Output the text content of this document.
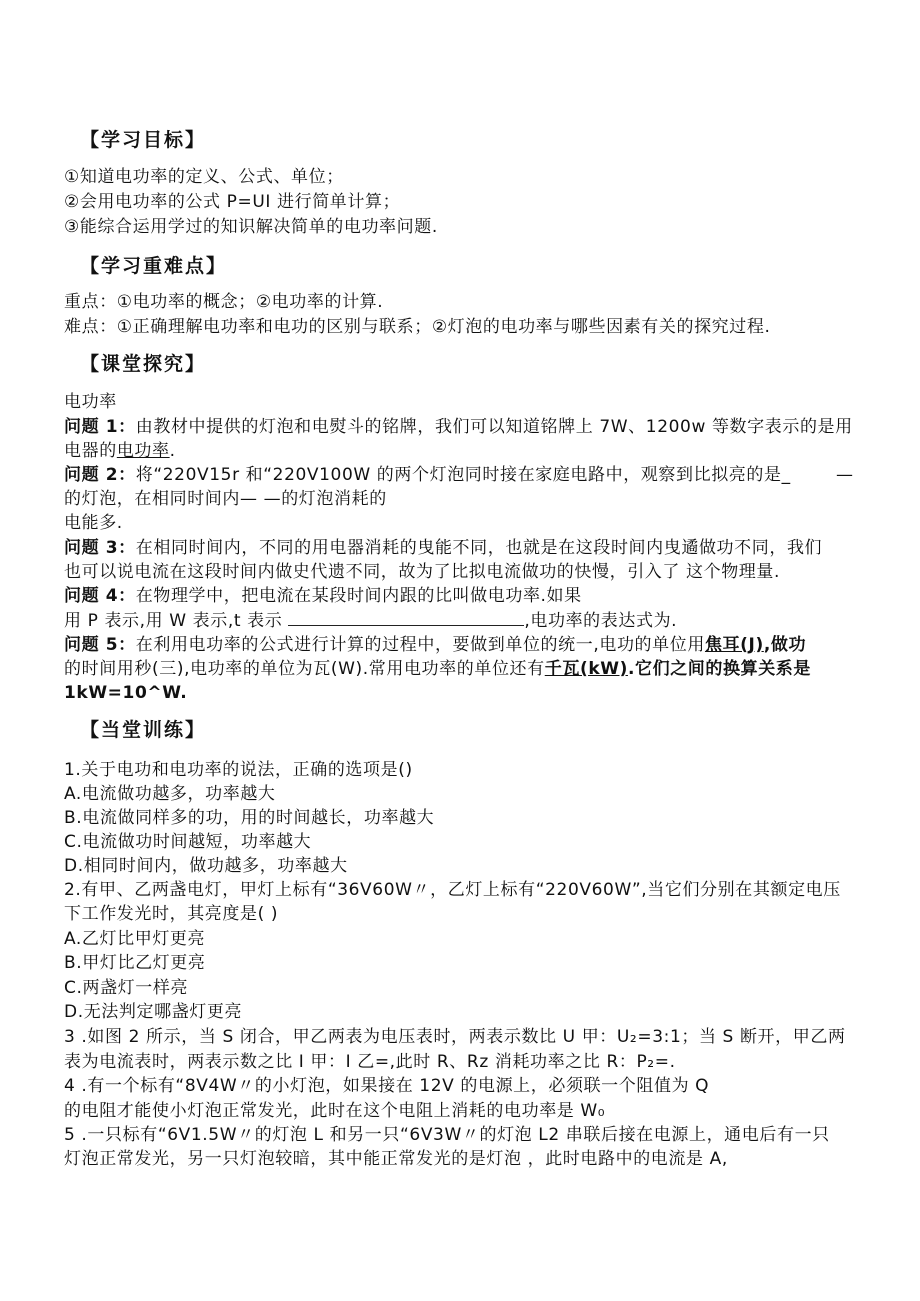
【学习目标】
①知道电功率的定义、公式、单位；
②会用电功率的公式 P=UI 进行简单计算；
③能综合运用学过的知识解决简单的电功率问题.
【学习重难点】
重点：①电功率的概念；②电功率的计算.
难点：①正确理解电功率和电功的区别与联系；②灯泡的电功率与哪些因素有关的探究过程.
【课堂探究】
电功率
问题 1：由教材中提供的灯泡和电熨斗的铭牌，我们可以知道铭牌上 7W、1200w 等数字表示的是用
电器的电功率.
问题 2：将“220V15r 和“220V100W 的两个灯泡同时接在家庭电路中，观察到比拟亮的是_	—
的灯泡，在相同时间内— —的灯泡消耗的
电能多.
问题 3：在相同时间内，不同的用电器消耗的曳能不同，也就是在这段时间内曳遹做功不同，我们
也可以说电流在这段时间内做史代遗不同，故为了比拟电流做功的快慢，引入了 这个物理量.
问题 4：在物理学中，把电流在某段时间内跟的比叫做电功率.如果
用 P 表示,用 W 表示,t 表示	,电功率的表达式为.
问题 5：在利用电功率的公式进行计算的过程中，要做到单位的统一,电功的单位用焦耳(J),做功
的时间用秒(三),电功率的单位为瓦(W).常用电功率的单位还有千瓦(kW).它们之间的换算关系是
1kW=10^W.
【当堂训练】
1.关于电功和电功率的说法，正确的选项是()
A.电流做功越多，功率越大
B.电流做同样多的功，用的时间越长，功率越大
C.电流做功时间越短，功率越大
D.相同时间内，做功越多，功率越大
2.有甲、乙两盏电灯，甲灯上标有“36V60W〃，乙灯上标有“220V60W”,当它们分别在其额定电压
下工作发光时，其亮度是( )
A.乙灯比甲灯更亮
B.甲灯比乙灯更亮
C.两盏灯一样亮
D.无法判定哪盏灯更亮
3 .如图 2 所示，当 S 闭合，甲乙两表为电压表时，两表示数比 U 甲：U₂=3:1；当 S 断开，甲乙两
表为电流表时，两表示数之比 I 甲：I 乙=,此时 R、Rz 消耗功率之比 R：P₂=.
4 .有一个标有“8V4W〃的小灯泡，如果接在 12V 的电源上，必须联一个阻值为 Q
的电阻才能使小灯泡正常发光，此时在这个电阻上消耗的电功率是 W₀
5 .一只标有“6V1.5W〃的灯泡 L 和另一只“6V3W〃的灯泡 L2 串联后接在电源上，通电后有一只
灯泡正常发光，另一只灯泡较暗，其中能正常发光的是灯泡 ，此时电路中的电流是 A,
